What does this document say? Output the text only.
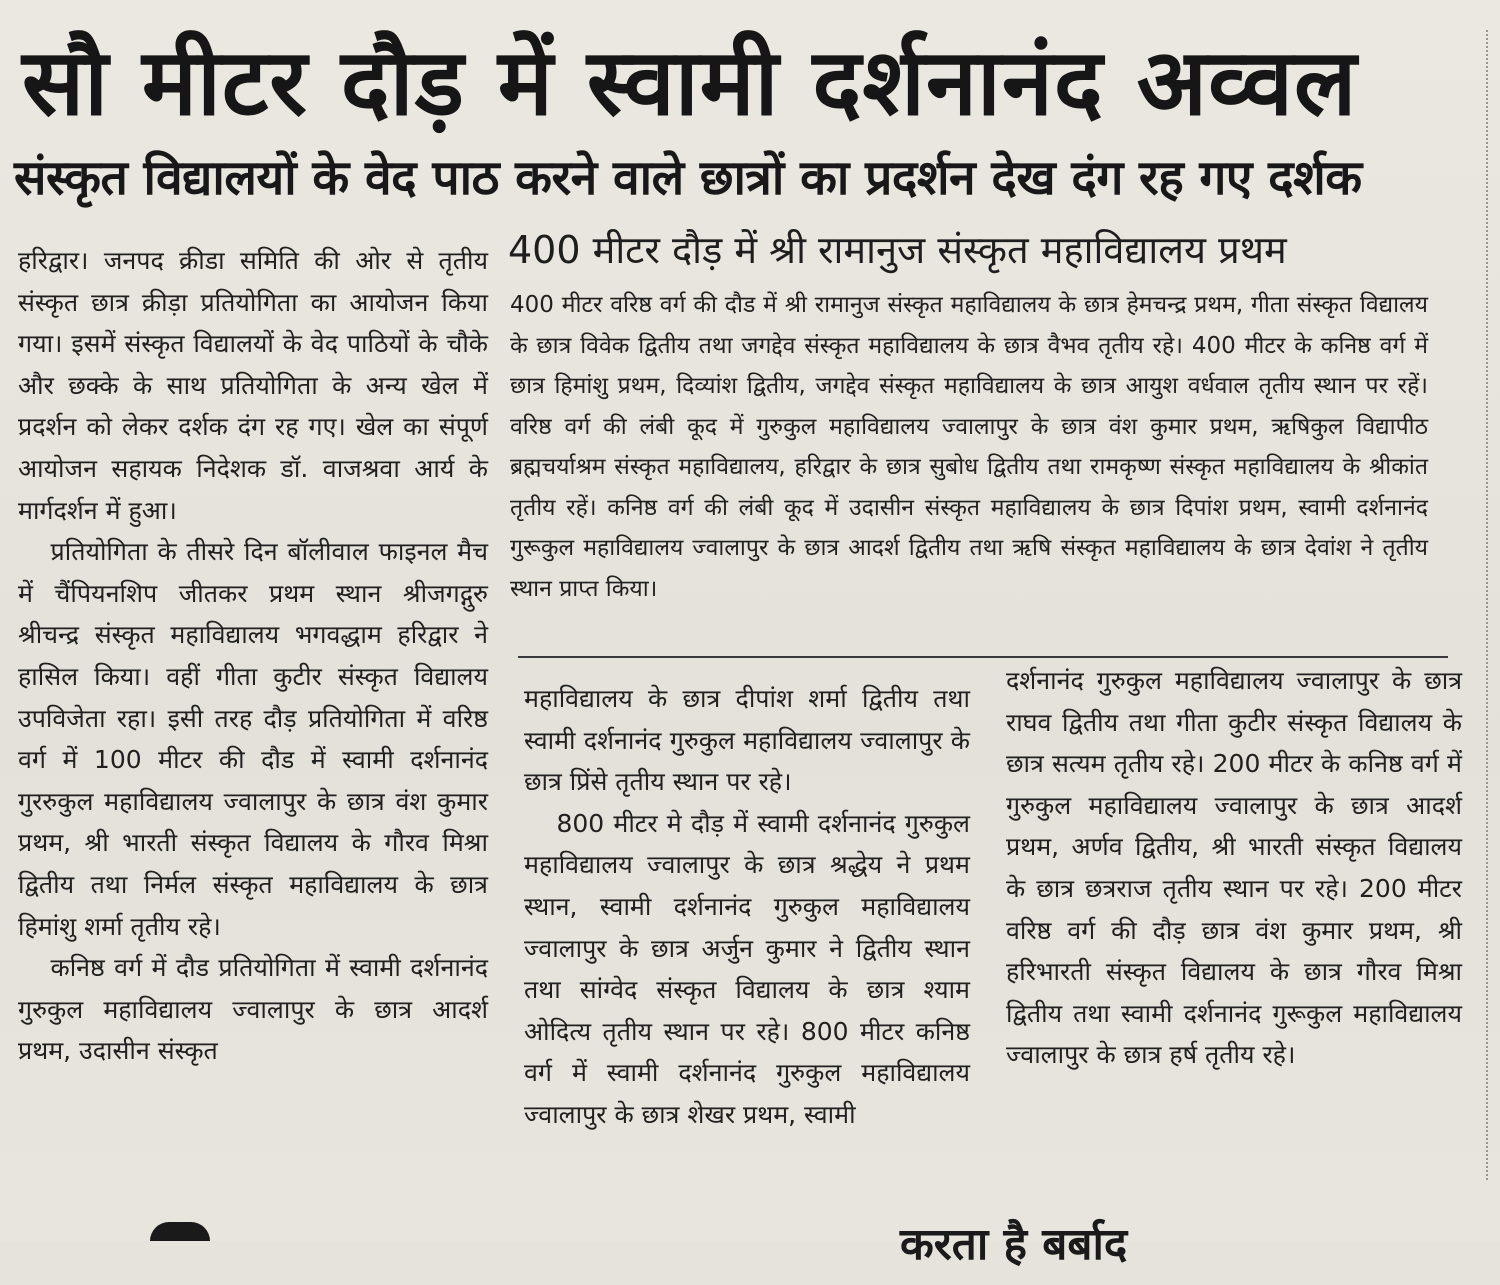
सौ मीटर दौड़ में स्वामी दर्शनानंद अव्वल
संस्कृत विद्यालयों के वेद पाठ करने वाले छात्रों का प्रदर्शन देख दंग रह गए दर्शक

हरिद्वार। जनपद क्रीडा समिति की ओर से तृतीय संस्कृत छात्र क्रीड़ा प्रतियोगिता का आयोजन किया गया। इसमें संस्कृत विद्यालयों के वेद पाठियों के चौके और छक्के के साथ प्रतियोगिता के अन्य खेल में प्रदर्शन को लेकर दर्शक दंग रह गए। खेल का संपूर्ण आयोजन सहायक निदेशक डॉ. वाजश्रवा आर्य के मार्गदर्शन में हुआ।

प्रतियोगिता के तीसरे दिन बॉलीवाल फाइनल मैच में चैंपियनशिप जीतकर प्रथम स्थान श्रीजगद्गुरु श्रीचन्द्र संस्कृत महाविद्यालय भगवद्धाम हरिद्वार ने हासिल किया। वहीं गीता कुटीर संस्कृत विद्यालय उपविजेता रहा। इसी तरह दौड़ प्रतियोगिता में वरिष्ठ वर्ग में 100 मीटर की दौड में स्वामी दर्शनानंद गुररुकुल महाविद्यालय ज्वालापुर के छात्र वंश कुमार प्रथम, श्री भारती संस्कृत विद्यालय के गौरव मिश्रा द्वितीय तथा निर्मल संस्कृत महाविद्यालय के छात्र हिमांशु शर्मा तृतीय रहे।

कनिष्ठ वर्ग में दौड प्रतियोगिता में स्वामी दर्शनानंद गुरुकुल महाविद्यालय ज्वालापुर के छात्र आदर्श प्रथम, उदासीन संस्कृत

400 मीटर दौड़ में श्री रामानुज संस्कृत महाविद्यालय प्रथम

400 मीटर वरिष्ठ वर्ग की दौड में श्री रामानुज संस्कृत महाविद्यालय के छात्र हेमचन्द्र प्रथम, गीता संस्कृत विद्यालय के छात्र विवेक द्वितीय तथा जगद्देव संस्कृत महाविद्यालय के छात्र वैभव तृतीय रहे। 400 मीटर के कनिष्ठ वर्ग में छात्र हिमांशु प्रथम, दिव्यांश द्वितीय, जगद्देव संस्कृत महाविद्यालय के छात्र आयुश वर्धवाल तृतीय स्थान पर रहें। वरिष्ठ वर्ग की लंबी कूद में गुरुकुल महाविद्यालय ज्वालापुर के छात्र वंश कुमार प्रथम, ऋषिकुल विद्यापीठ ब्रह्मचर्याश्रम संस्कृत महाविद्यालय, हरिद्वार के छात्र सुबोध द्वितीय तथा रामकृष्ण संस्कृत महाविद्यालय के श्रीकांत तृतीय रहें। कनिष्ठ वर्ग की लंबी कूद में उदासीन संस्कृत महाविद्यालय के छात्र दिपांश प्रथम, स्वामी दर्शनानंद गुरूकुल महाविद्यालय ज्वालापुर के छात्र आदर्श द्वितीय तथा ऋषि संस्कृत महाविद्यालय के छात्र देवांश ने तृतीय स्थान प्राप्त किया।

महाविद्यालय के छात्र दीपांश शर्मा द्वितीय तथा स्वामी दर्शनानंद गुरुकुल महाविद्यालय ज्वालापुर के छात्र प्रिंसे तृतीय स्थान पर रहे।

800 मीटर मे दौड़ में स्वामी दर्शनानंद गुरुकुल महाविद्यालय ज्वालापुर के छात्र श्रद्धेय ने प्रथम स्थान, स्वामी दर्शनानंद गुरुकुल महाविद्यालय ज्वालापुर के छात्र अर्जुन कुमार ने द्वितीय स्थान तथा सांग्वेद संस्कृत विद्यालय के छात्र श्याम ओदित्य तृतीय स्थान पर रहे। 800 मीटर कनिष्ठ वर्ग में स्वामी दर्शनानंद गुरुकुल महाविद्यालय ज्वालापुर के छात्र शेखर प्रथम, स्वामी

दर्शनानंद गुरुकुल महाविद्यालय ज्वालापुर के छात्र राघव द्वितीय तथा गीता कुटीर संस्कृत विद्यालय के छात्र सत्यम तृतीय रहे। 200 मीटर के कनिष्ठ वर्ग में गुरुकुल महाविद्यालय ज्वालापुर के छात्र आदर्श प्रथम, अर्णव द्वितीय, श्री भारती संस्कृत विद्यालय के छात्र छत्रराज तृतीय स्थान पर रहे। 200 मीटर वरिष्ठ वर्ग की दौड़ छात्र वंश कुमार प्रथम, श्री हरिभारती संस्कृत विद्यालय के छात्र गौरव मिश्रा द्वितीय तथा स्वामी दर्शनानंद गुरूकुल महाविद्यालय ज्वालापुर के छात्र हर्ष तृतीय रहे।

करता है बर्बाद
